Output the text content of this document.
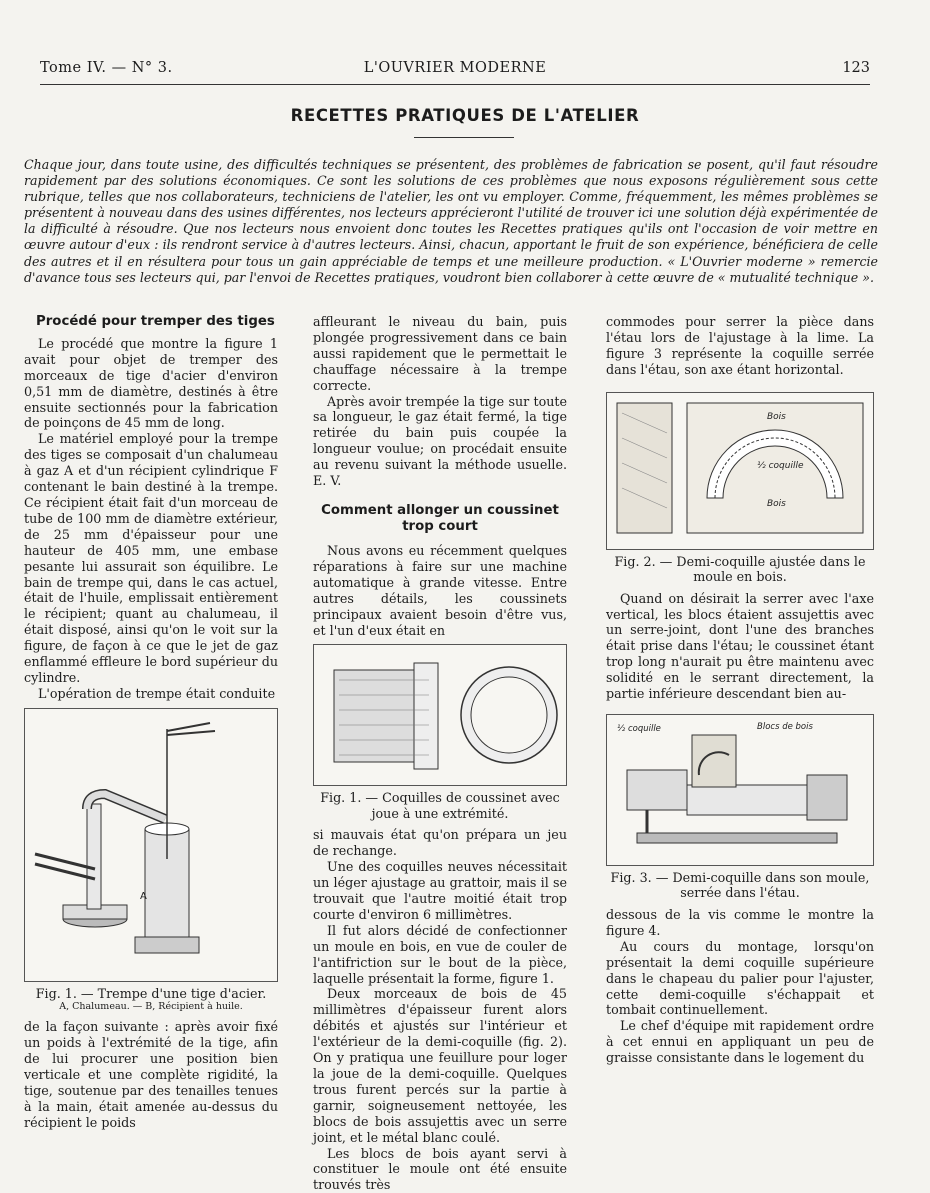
Tome IV. — N° 3.	L'OUVRIER MODERNE	123
RECETTES PRATIQUES DE L'ATELIER
Chaque jour, dans toute usine, des difficultés techniques se présentent, des problèmes de fabrication se posent, qu'il faut résoudre rapidement par des solutions économiques. Ce sont les solutions de ces problèmes que nous exposons régulièrement sous cette rubrique, telles que nos collaborateurs, techniciens de l'atelier, les ont vu employer. Comme, fréquemment, les mêmes problèmes se présentent à nouveau dans des usines différentes, nos lecteurs apprécieront l'utilité de trouver ici une solution déjà expérimentée de la difficulté à résoudre. Que nos lecteurs nous envoient donc toutes les Recettes pratiques qu'ils ont l'occasion de voir mettre en œuvre autour d'eux : ils rendront service à d'autres lecteurs. Ainsi, chacun, apportant le fruit de son expérience, bénéficiera de celle des autres et il en résultera pour tous un gain appréciable de temps et une meilleure production. « L'Ouvrier moderne » remercie d'avance tous ses lecteurs qui, par l'envoi de Recettes pratiques, voudront bien collaborer à cette œuvre de « mutualité technique ».
Procédé pour tremper des tiges

Le procédé que montre la figure 1 avait pour objet de tremper des morceaux de tige d'acier d'environ 0,51 mm de diamètre, destinés à être ensuite sectionnés pour la fabrication de poinçons de 45 mm de long.

Le matériel employé pour la trempe des tiges se composait d'un chalumeau à gaz A et d'un récipient cylindrique F contenant le bain destiné à la trempe. Ce récipient était fait d'un morceau de tube de 100 mm de diamètre extérieur, de 25 mm d'épaisseur pour une hauteur de 405 mm, une embase pesante lui assurait son équilibre. Le bain de trempe qui, dans le cas actuel, était de l'huile, emplissait entièrement le récipient; quant au chalumeau, il était disposé, ainsi qu'on le voit sur la figure, de façon à ce que le jet de gaz enflammé effleure le bord supérieur du cylindre.

L'opération de trempe était conduite

A
Fig. 1. — Trempe d'une tige d'acier.
A, Chalumeau. — B, Récipient à huile.

de la façon suivante : après avoir fixé un poids à l'extrémité de la tige, afin de lui procurer une position bien verticale et une complète rigidité, la tige, soutenue par des tenailles tenues à la main, était amenée au-dessus du récipient le poids

affleurant le niveau du bain, puis plongée progressivement dans ce bain aussi rapidement que le permettait le chauffage nécessaire à la trempe correcte.

Après avoir trempée la tige sur toute sa longueur, le gaz était fermé, la tige retirée du bain puis coupée la longueur voulue; on procédait ensuite au revenu suivant la méthode usuelle. E. V.

Comment allonger un coussinet trop court

Nous avons eu récemment quelques réparations à faire sur une machine automatique à grande vitesse. Entre autres détails, les coussinets principaux avaient besoin d'être vus, et l'un d'eux était en

Fig. 1. — Coquilles de coussinet avec joue à une extrémité.

si mauvais état qu'on prépara un jeu de rechange.

Une des coquilles neuves nécessitait un léger ajustage au grattoir, mais il se trouvait que l'autre moitié était trop courte d'environ 6 millimètres.

Il fut alors décidé de confectionner un moule en bois, en vue de couler de l'antifriction sur le bout de la pièce, laquelle présentait la forme, figure 1.

Deux morceaux de bois de 45 millimètres d'épaisseur furent alors débités et ajustés sur l'intérieur et l'extérieur de la demi-coquille (fig. 2). On y pratiqua une feuillure pour loger la joue de la demi-coquille. Quelques trous furent percés sur la partie à garnir, soigneusement nettoyée, les blocs de bois assujettis avec un serre joint, et le métal blanc coulé.

Les blocs de bois ayant servi à constituer le moule ont été ensuite trouvés très

commodes pour serrer la pièce dans l'étau lors de l'ajustage à la lime. La figure 3 représente la coquille serrée dans l'étau, son axe étant horizontal.

Bois
½ coquille
Bois
Fig. 2. — Demi-coquille ajustée dans le moule en bois.

Quand on désirait la serrer avec l'axe vertical, les blocs étaient assujettis avec un serre-joint, dont l'une des branches était prise dans l'étau; le coussinet étant trop long n'aurait pu être maintenu avec solidité en le serrant directement, la partie inférieure descendant bien au-

½ coquille	Blocs de bois
Fig. 3. — Demi-coquille dans son moule, serrée dans l'étau.

dessous de la vis comme le montre la figure 4.

Au cours du montage, lorsqu'on présentait la demi coquille supérieure dans le chapeau du palier pour l'ajuster, cette demi-coquille s'échappait et tombait continuellement.

Le chef d'équipe mit rapidement ordre à cet ennui en appliquant un peu de graisse consistante dans le logement du
